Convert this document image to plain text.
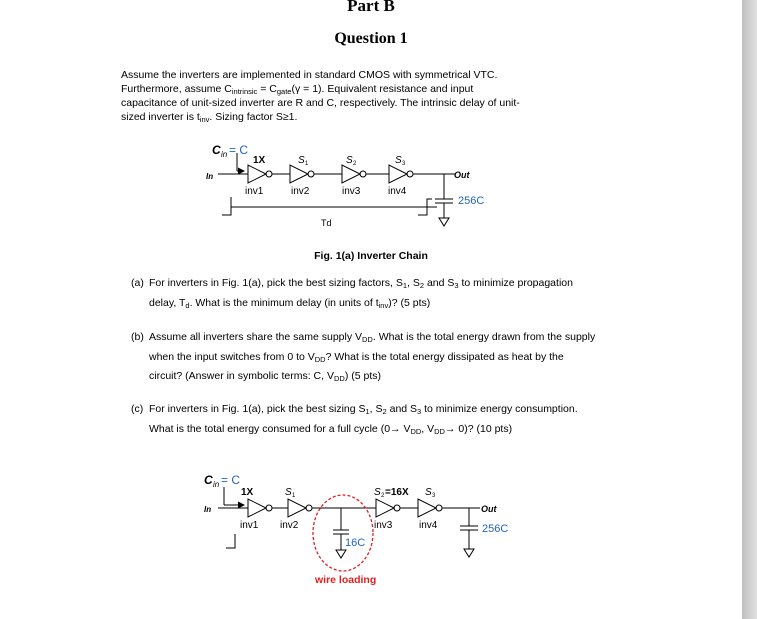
Part B
Question 1

Assume the inverters are implemented in standard CMOS with symmetrical VTC.

Furthermore, assume $C_{intrinsic} = C_{gate}(\gamma = 1)$. Equivalent resistance and input

capacitance of unit-sized inverter are R and C, respectively. The intrinsic delay of unit-

sized inverter is $t_{inv}$. Sizing factor S≥1.

C in = C
1X	S 1	S 2	S 3
In	Out
inv1	inv2	inv3	inv4
256C
Td
Fig. 1(a) Inverter Chain
(a) For inverters in Fig. 1(a), pick the best sizing factors, $S_1$, $S_2$ and $S_3$ to minimize propagation delay, $T_d$. What is the minimum delay (in units of $t_{inv}$)? (5 pts)
(b) Assume all inverters share the same supply $V_{DD}$. What is the total energy drawn from the supply when the input switches from 0 to $V_{DD}$? What is the total energy dissipated as heat by the circuit? (Answer in symbolic terms: C, $V_{DD}$) (5 pts)
(c) For inverters in Fig. 1(a), pick the best sizing $S_1$, $S_2$ and $S_3$ to minimize energy consumption. What is the total energy consumed for a full cycle ($0\to V_{DD}$, $V_{DD}\to 0$)? (10 pts)
C in = C
1X	S 1	S 2 =16X S 3
In	Out
inv1 inv2	inv3	inv4
16C
256C
wire loading
